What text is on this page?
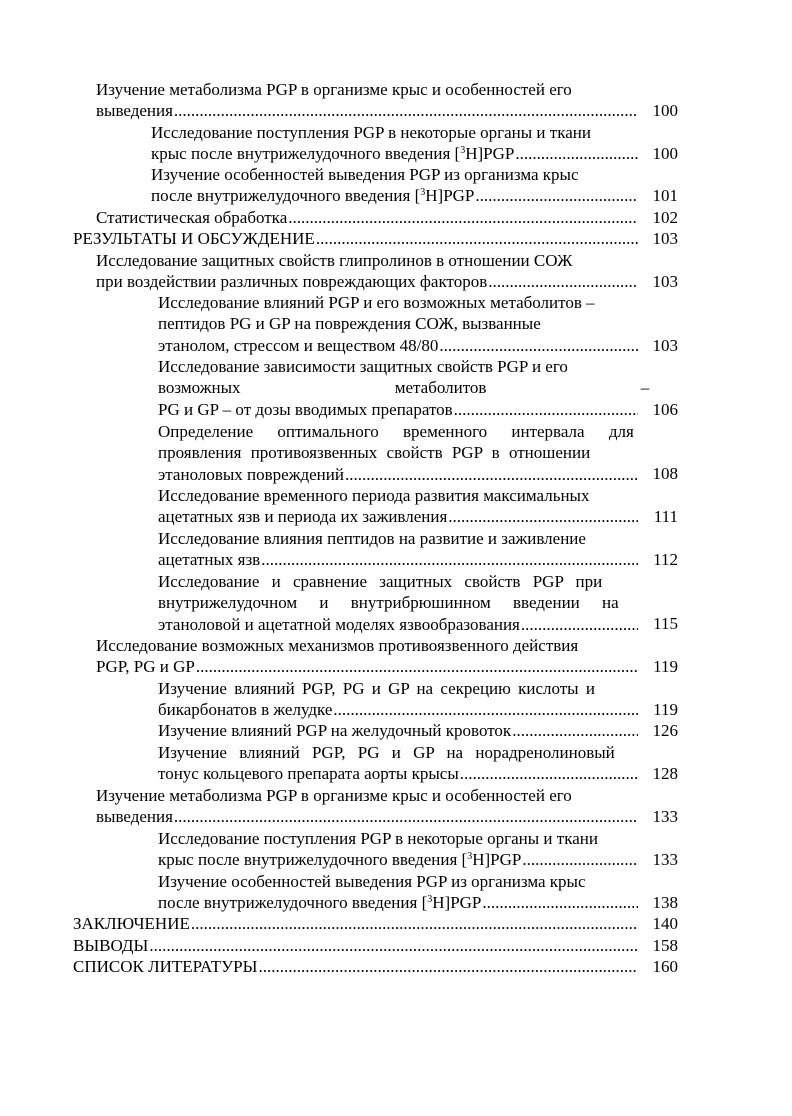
Изучение метаболизма PGP в организме крыс и особенностей его
выведения .....	100
Исследование поступления PGP в некоторые органы и ткани
крыс после внутрижелудочного введения [$^3$H]PGP .....	100
Изучение особенностей выведения PGP из организма крыс
после внутрижелудочного введения [$^3$H]PGP .....	101
Статистическая обработка .....	102
РЕЗУЛЬТАТЫ И ОБСУЖДЕНИЕ .....	103
Исследование защитных свойств глипролинов в отношении СОЖ
при воздействии различных повреждающих факторов .....	103
Исследование влияний PGP и его возможных метаболитов –
пептидов PG и GP на повреждения СОЖ, вызванные
этанолом, стрессом и веществом 48/80 .....	103
Исследование зависимости защитных свойств PGP и его
возможных метаболитов –
PG и GP – от дозы вводимых препаратов .....	106
Определение оптимального временного интервала для
проявления противоязвенных свойств PGP в отношении
этаноловых повреждений .....	108
Исследование временного периода развития максимальных
ацетатных язв и периода их заживления .....	111
Исследование влияния пептидов на развитие и заживление
ацетатных язв .....	112
Исследование и сравнение защитных свойств PGP при
внутрижелудочном и внутрибрюшинном введении на
этаноловой и ацетатной моделях язвообразования .....	115
Исследование возможных механизмов противоязвенного действия
PGP, PG и GP .....	119
Изучение влияний PGP, PG и GP на секрецию кислоты и
бикарбонатов в желудке .....	119
Изучение влияний PGP на желудочный кровоток .....	126
Изучение влияний PGP, PG и GP на норадренолиновый
тонус кольцевого препарата аорты крысы .....	128
Изучение метаболизма PGP в организме крыс и особенностей его
выведения .....	133
Исследование поступления PGP в некоторые органы и ткани
крыс после внутрижелудочного введения [$^3$H]PGP .....	133
Изучение особенностей выведения PGP из организма крыс
после внутрижелудочного введения [$^3$H]PGP .....	138
ЗАКЛЮЧЕНИЕ .....	140
ВЫВОДЫ .....	158
СПИСОК ЛИТЕРАТУРЫ .....	160
